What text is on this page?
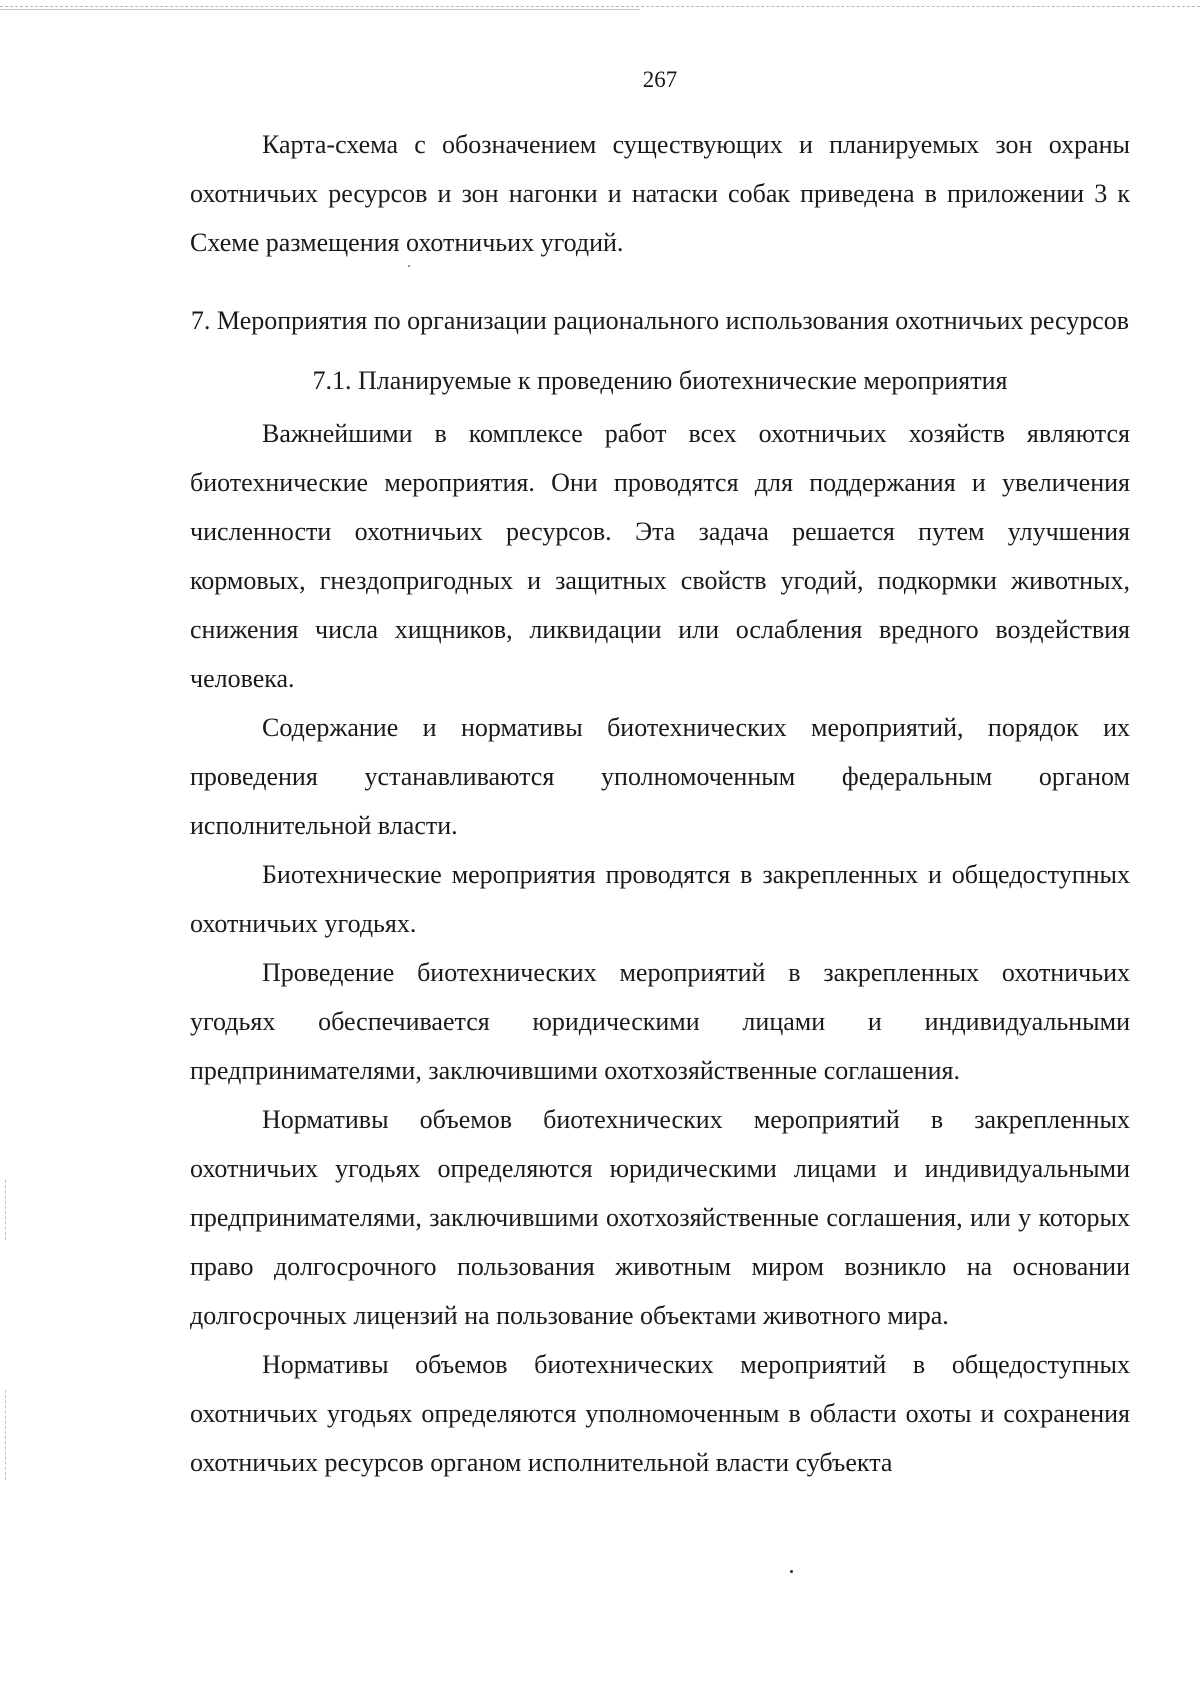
267

Карта-схема с обозначением существующих и планируемых зон охраны охотничьих ресурсов и зон нагонки и натаски собак приведена в приложении 3 к Схеме размещения охотничьих угодий.

7. Мероприятия по организации рационального использования охотничьих ресурсов

7.1. Планируемые к проведению биотехнические мероприятия

Важнейшими в комплексе работ всех охотничьих хозяйств являются биотехнические мероприятия. Они проводятся для поддержания и увеличения численности охотничьих ресурсов. Эта задача решается путем улучшения кормовых, гнездопригодных и защитных свойств угодий, подкормки животных, снижения числа хищников, ликвидации или ослабления вредного воздействия человека.

Содержание и нормативы биотехнических мероприятий, порядок их проведения устанавливаются уполномоченным федеральным органом исполнительной власти.

Биотехнические мероприятия проводятся в закрепленных и общедоступных охотничьих угодьях.

Проведение биотехнических мероприятий в закрепленных охотничьих угодьях обеспечивается юридическими лицами и индивидуальными предпринимателями, заключившими охотхозяйственные соглашения.

Нормативы объемов биотехнических мероприятий в закрепленных охотничьих угодьях определяются юридическими лицами и индивидуальными предпринимателями, заключившими охотхозяйственные соглашения, или у которых право долгосрочного пользования животным миром возникло на основании долгосрочных лицензий на пользование объектами животного мира.

Нормативы объемов биотехнических мероприятий в общедоступных охотничьих угодьях определяются уполномоченным в области охоты и сохранения охотничьих ресурсов органом исполнительной власти субъекта
